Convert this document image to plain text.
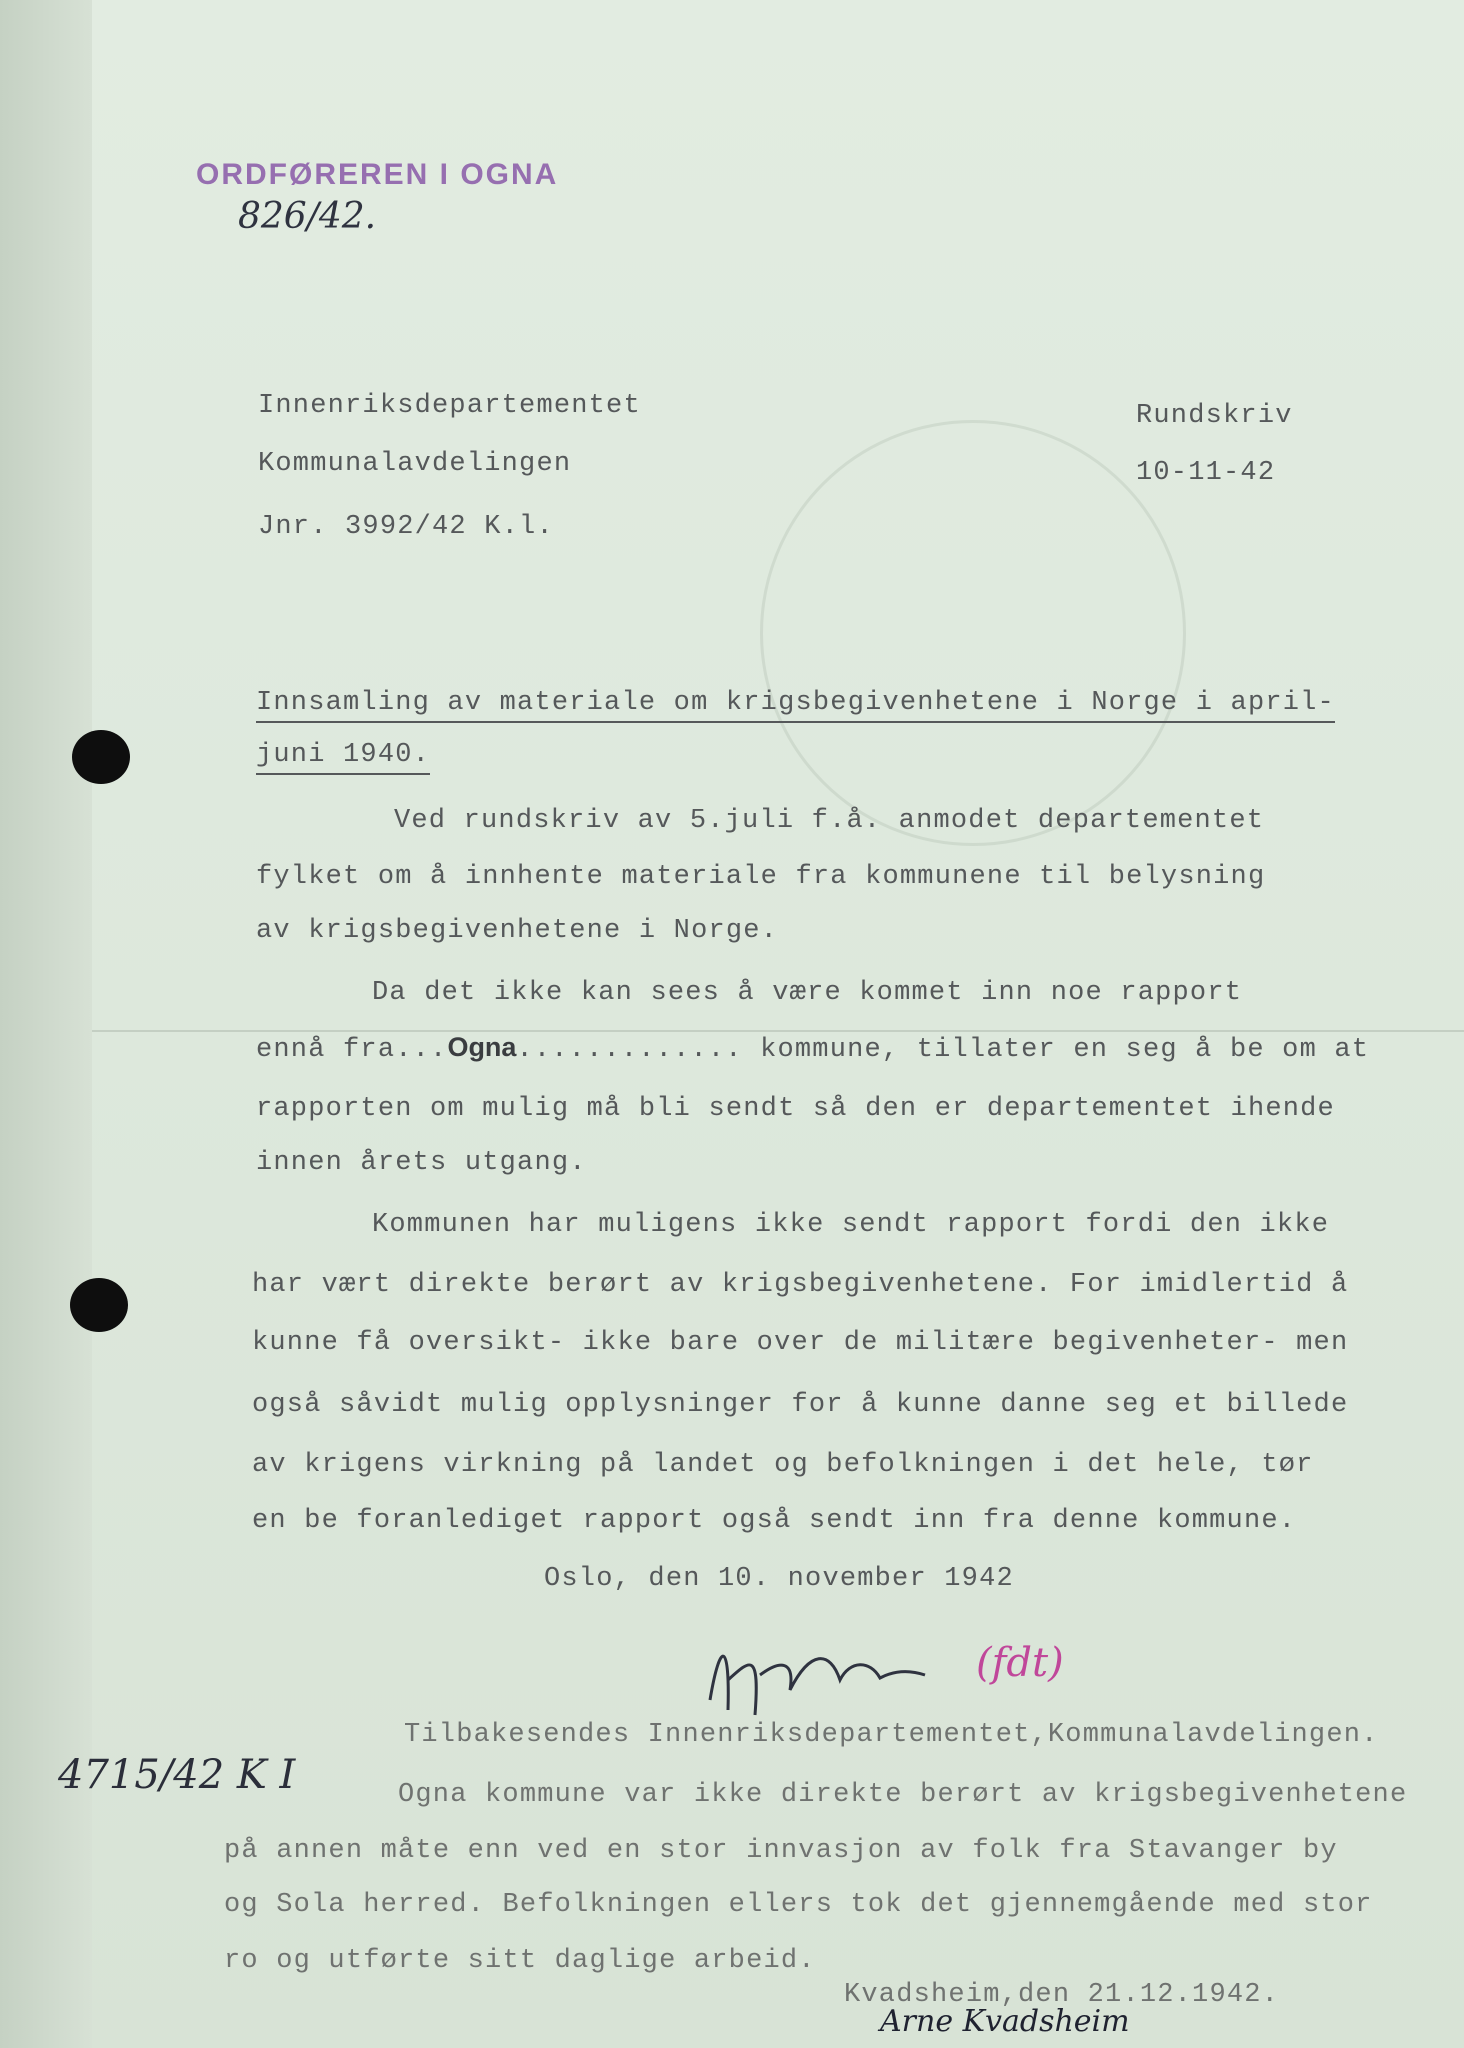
ORDFØREREN I OGNA
826/42.
Innenriksdepartementet
Kommunalavdelingen
Jnr. 3992/42 K.l.
Rundskriv
10-11-42
Innsamling av materiale om krigsbegivenhetene i Norge i april-
juni 1940.
Ved rundskriv av 5.juli f.å. anmodet departementet
fylket om å innhente materiale fra kommunene til belysning
av krigsbegivenhetene i Norge.
Da det ikke kan sees å være kommet inn noe rapport
ennå fra...Ogna............. kommune, tillater en seg å be om at
rapporten om mulig må bli sendt så den er departementet ihende
innen årets utgang.
Kommunen har muligens ikke sendt rapport fordi den ikke
har vært direkte berørt av krigsbegivenhetene. For imidlertid å
kunne få oversikt- ikke bare over de militære begivenheter- men
også såvidt mulig opplysninger for å kunne danne seg et billede
av krigens virkning på landet og befolkningen i det hele, tør
en be foranlediget rapport også sendt inn fra denne kommune.
Oslo, den 10. november 1942
(fdt)
4715/42 K I
Tilbakesendes Innenriksdepartementet,Kommunalavdelingen.
Ogna kommune var ikke direkte berørt av krigsbegivenhetene
på annen måte enn ved en stor innvasjon av folk fra Stavanger by
og Sola herred. Befolkningen ellers tok det gjennemgående med stor
ro og utførte sitt daglige arbeid.
Kvadsheim,den 21.12.1942.
Arne Kvadsheim
